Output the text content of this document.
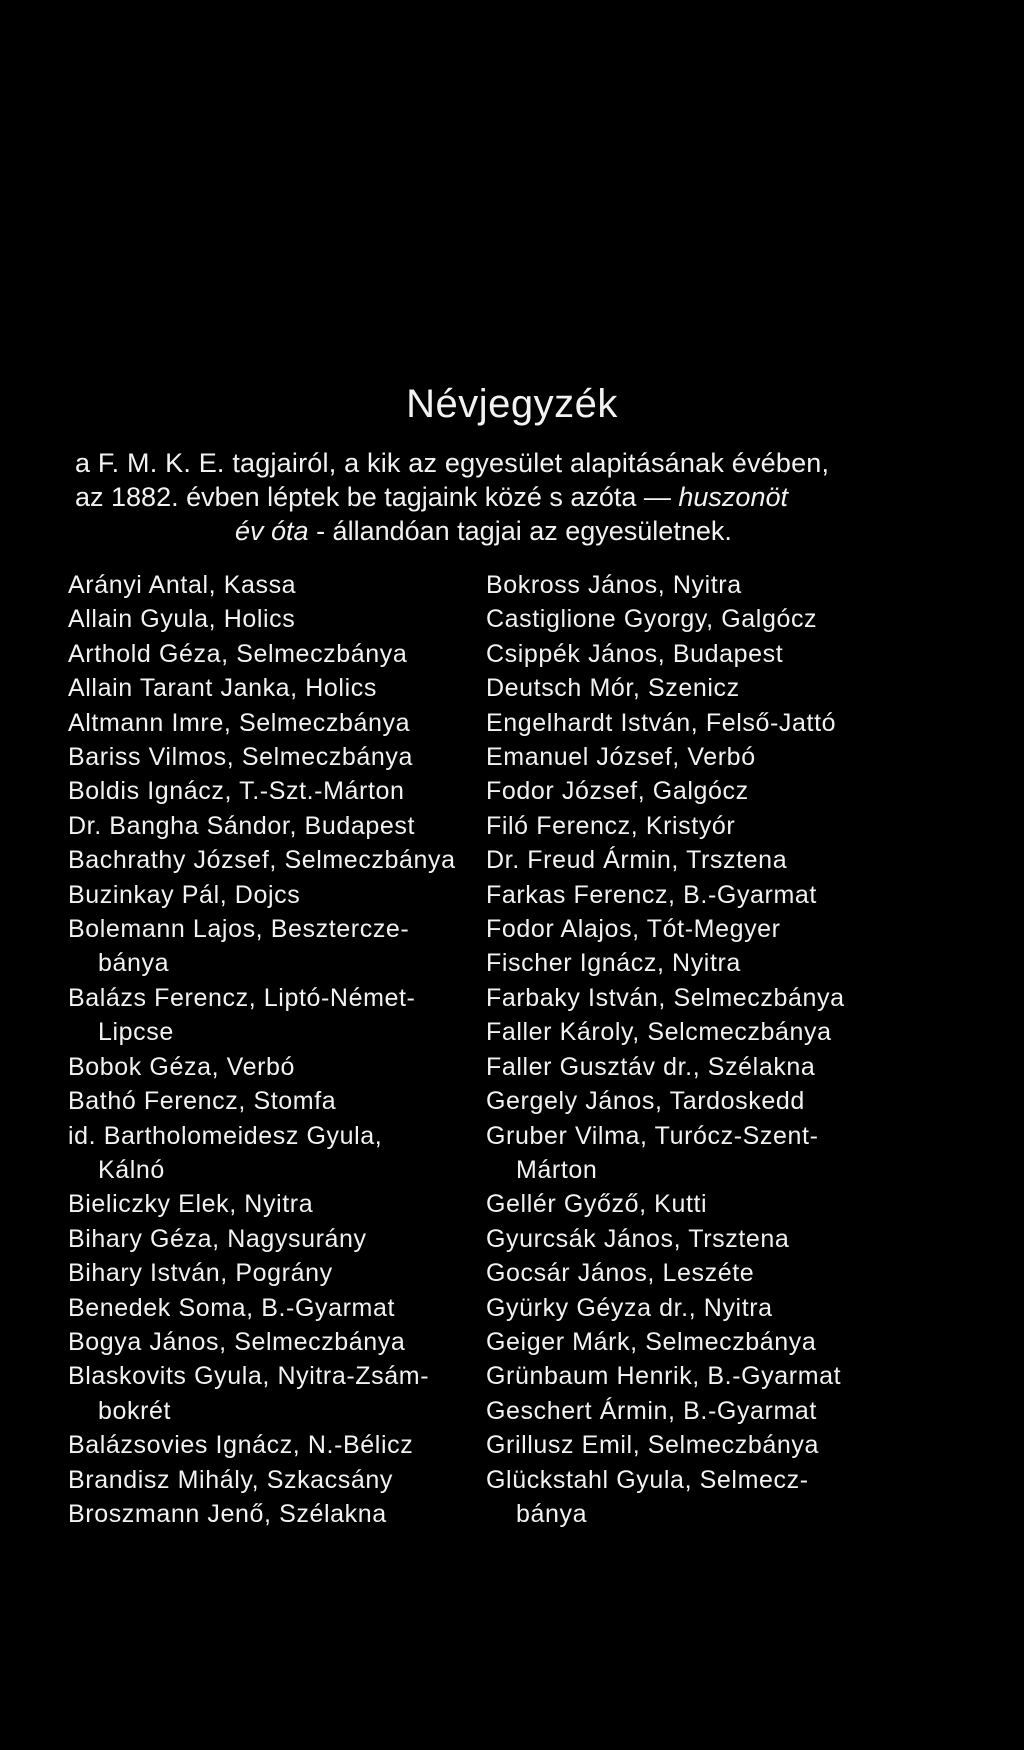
Névjegyzék
a F. M. K. E. tagjairól, a kik az egyesület alapitásának évében,
az 1882. évben léptek be tagjaink közé s azóta — huszonöt
év óta - állandóan tagjai az egyesületnek.
Arányi Antal, Kassa
Allain Gyula, Holics
Arthold Géza, Selmeczbánya
Allain Tarant Janka, Holics
Altmann Imre, Selmeczbánya
Bariss Vilmos, Selmeczbánya
Boldis Ignácz, T.-Szt.-Márton
Dr. Bangha Sándor, Budapest
Bachrathy József, Selmeczbánya
Buzinkay Pál, Dojcs
Bolemann Lajos, Besztercze-
bánya
Balázs Ferencz, Liptó-Német-
Lipcse
Bobok Géza, Verbó
Bathó Ferencz, Stomfa
id. Bartholomeidesz Gyula,
Kálnó
Bieliczky Elek, Nyitra
Bihary Géza, Nagysurány
Bihary István, Pográny
Benedek Soma, B.-Gyarmat
Bogya János, Selmeczbánya
Blaskovits Gyula, Nyitra-Zsám-
bokrét
Balázsovies Ignácz, N.-Bélicz
Brandisz Mihály, Szkacsány
Broszmann Jenő, Szélakna
Bokross János, Nyitra
Castiglione Gyorgy, Galgócz
Csippék János, Budapest
Deutsch Mór, Szenicz
Engelhardt István, Felső-Jattó
Emanuel József, Verbó
Fodor József, Galgócz
Filó Ferencz, Kristyór
Dr. Freud Ármin, Trsztena
Farkas Ferencz, B.-Gyarmat
Fodor Alajos, Tót-Megyer
Fischer Ignácz, Nyitra
Farbaky István, Selmeczbánya
Faller Károly, Selcmeczbánya
Faller Gusztáv dr., Szélakna
Gergely János, Tardoskedd
Gruber Vilma, Turócz-Szent-
Márton
Gellér Győző, Kutti
Gyurcsák János, Trsztena
Gocsár János, Leszéte
Gyürky Géyza dr., Nyitra
Geiger Márk, Selmeczbánya
Grünbaum Henrik, B.-Gyarmat
Geschert Ármin, B.-Gyarmat
Grillusz Emil, Selmeczbánya
Glückstahl Gyula, Selmecz-
bánya
